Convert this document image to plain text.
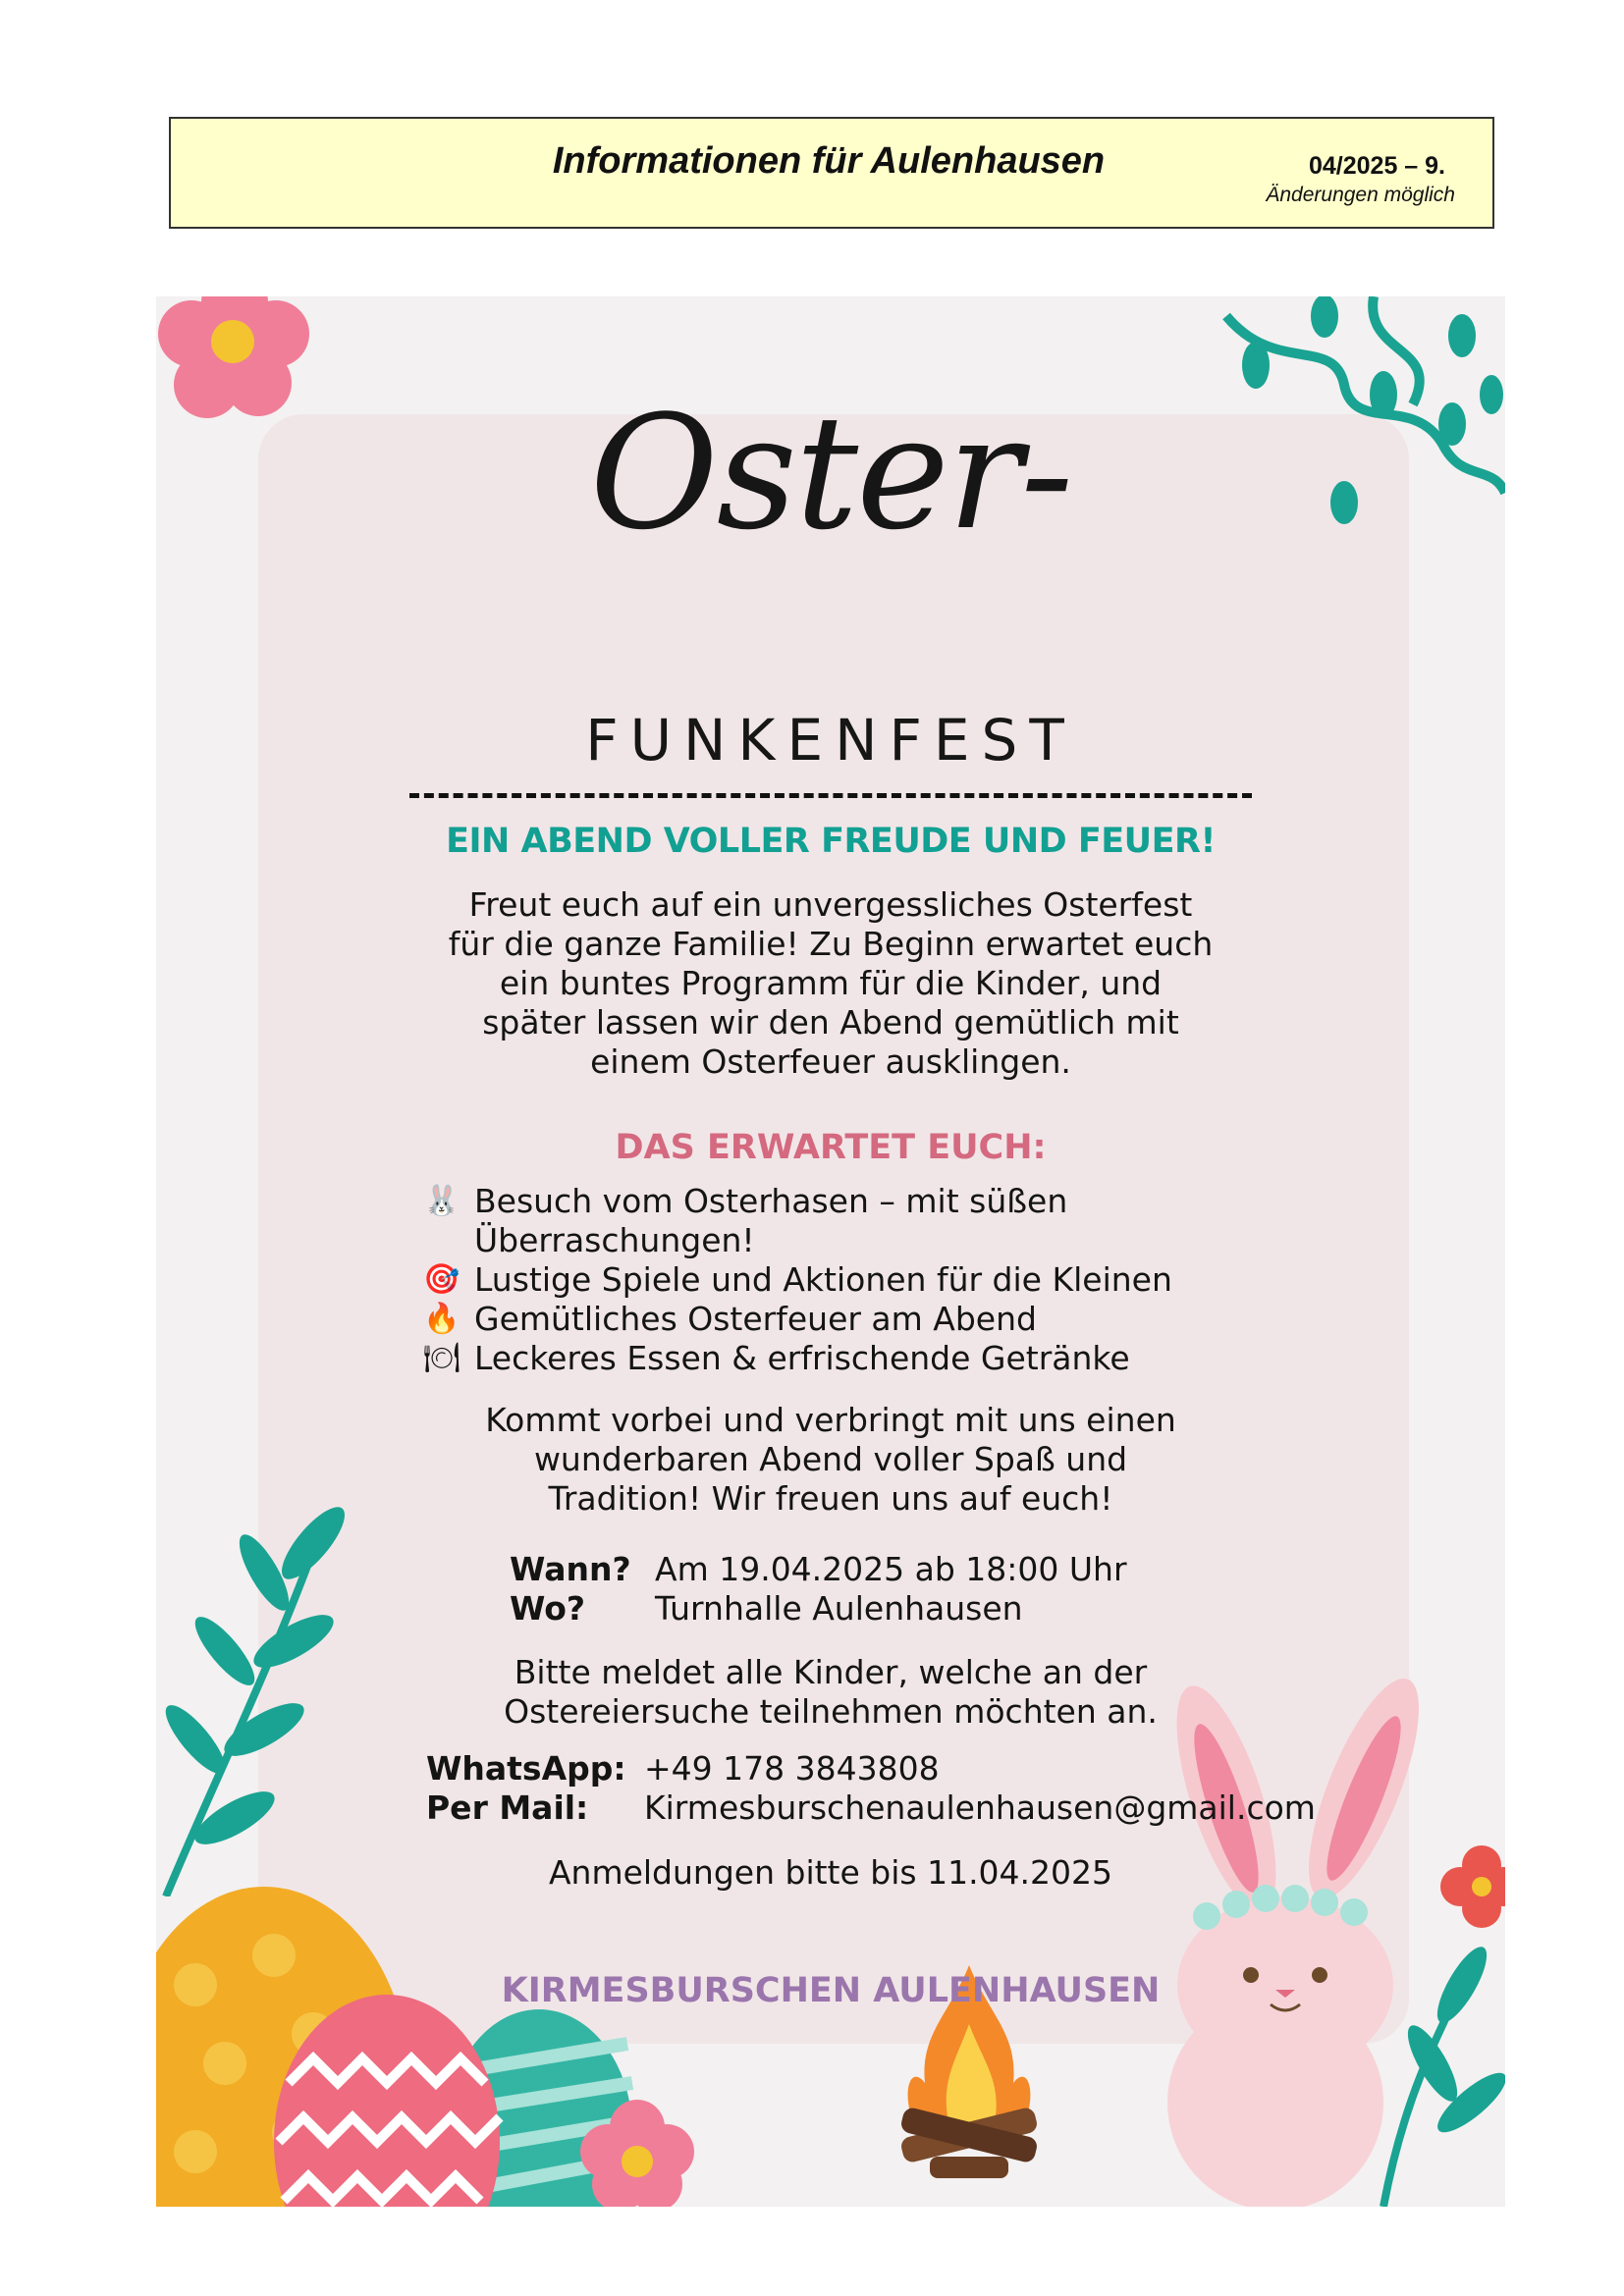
Informationen für Aulenhausen	04/2025 – 9.
Änderungen möglich
Oster-
FUNKENFEST
EIN ABEND VOLLER FREUDE UND FEUER!
Freut euch auf ein unvergessliches Osterfest
für die ganze Familie! Zu Beginn erwartet euch
ein buntes Programm für die Kinder, und
später lassen wir den Abend gemütlich mit
einem Osterfeuer ausklingen.
DAS ERWARTET EUCH:
🐰 Besuch vom Osterhasen – mit süßen
Überraschungen!
🎯 Lustige Spiele und Aktionen für die Kleinen
🔥 Gemütliches Osterfeuer am Abend
🍽 Leckeres Essen & erfrischende Getränke
Kommt vorbei und verbringt mit uns einen
wunderbaren Abend voller Spaß und
Tradition! Wir freuen uns auf euch!
Wann? Am 19.04.2025 ab 18:00 Uhr
Wo?	Turnhalle Aulenhausen
Bitte meldet alle Kinder, welche an der
Ostereiersuche teilnehmen möchten an.
WhatsApp: +49 178 3843808
Per Mail:	Kirmesburschenaulenhausen@gmail.com
Anmeldungen bitte bis 11.04.2025
KIRMESBURSCHEN AULENHAUSEN
